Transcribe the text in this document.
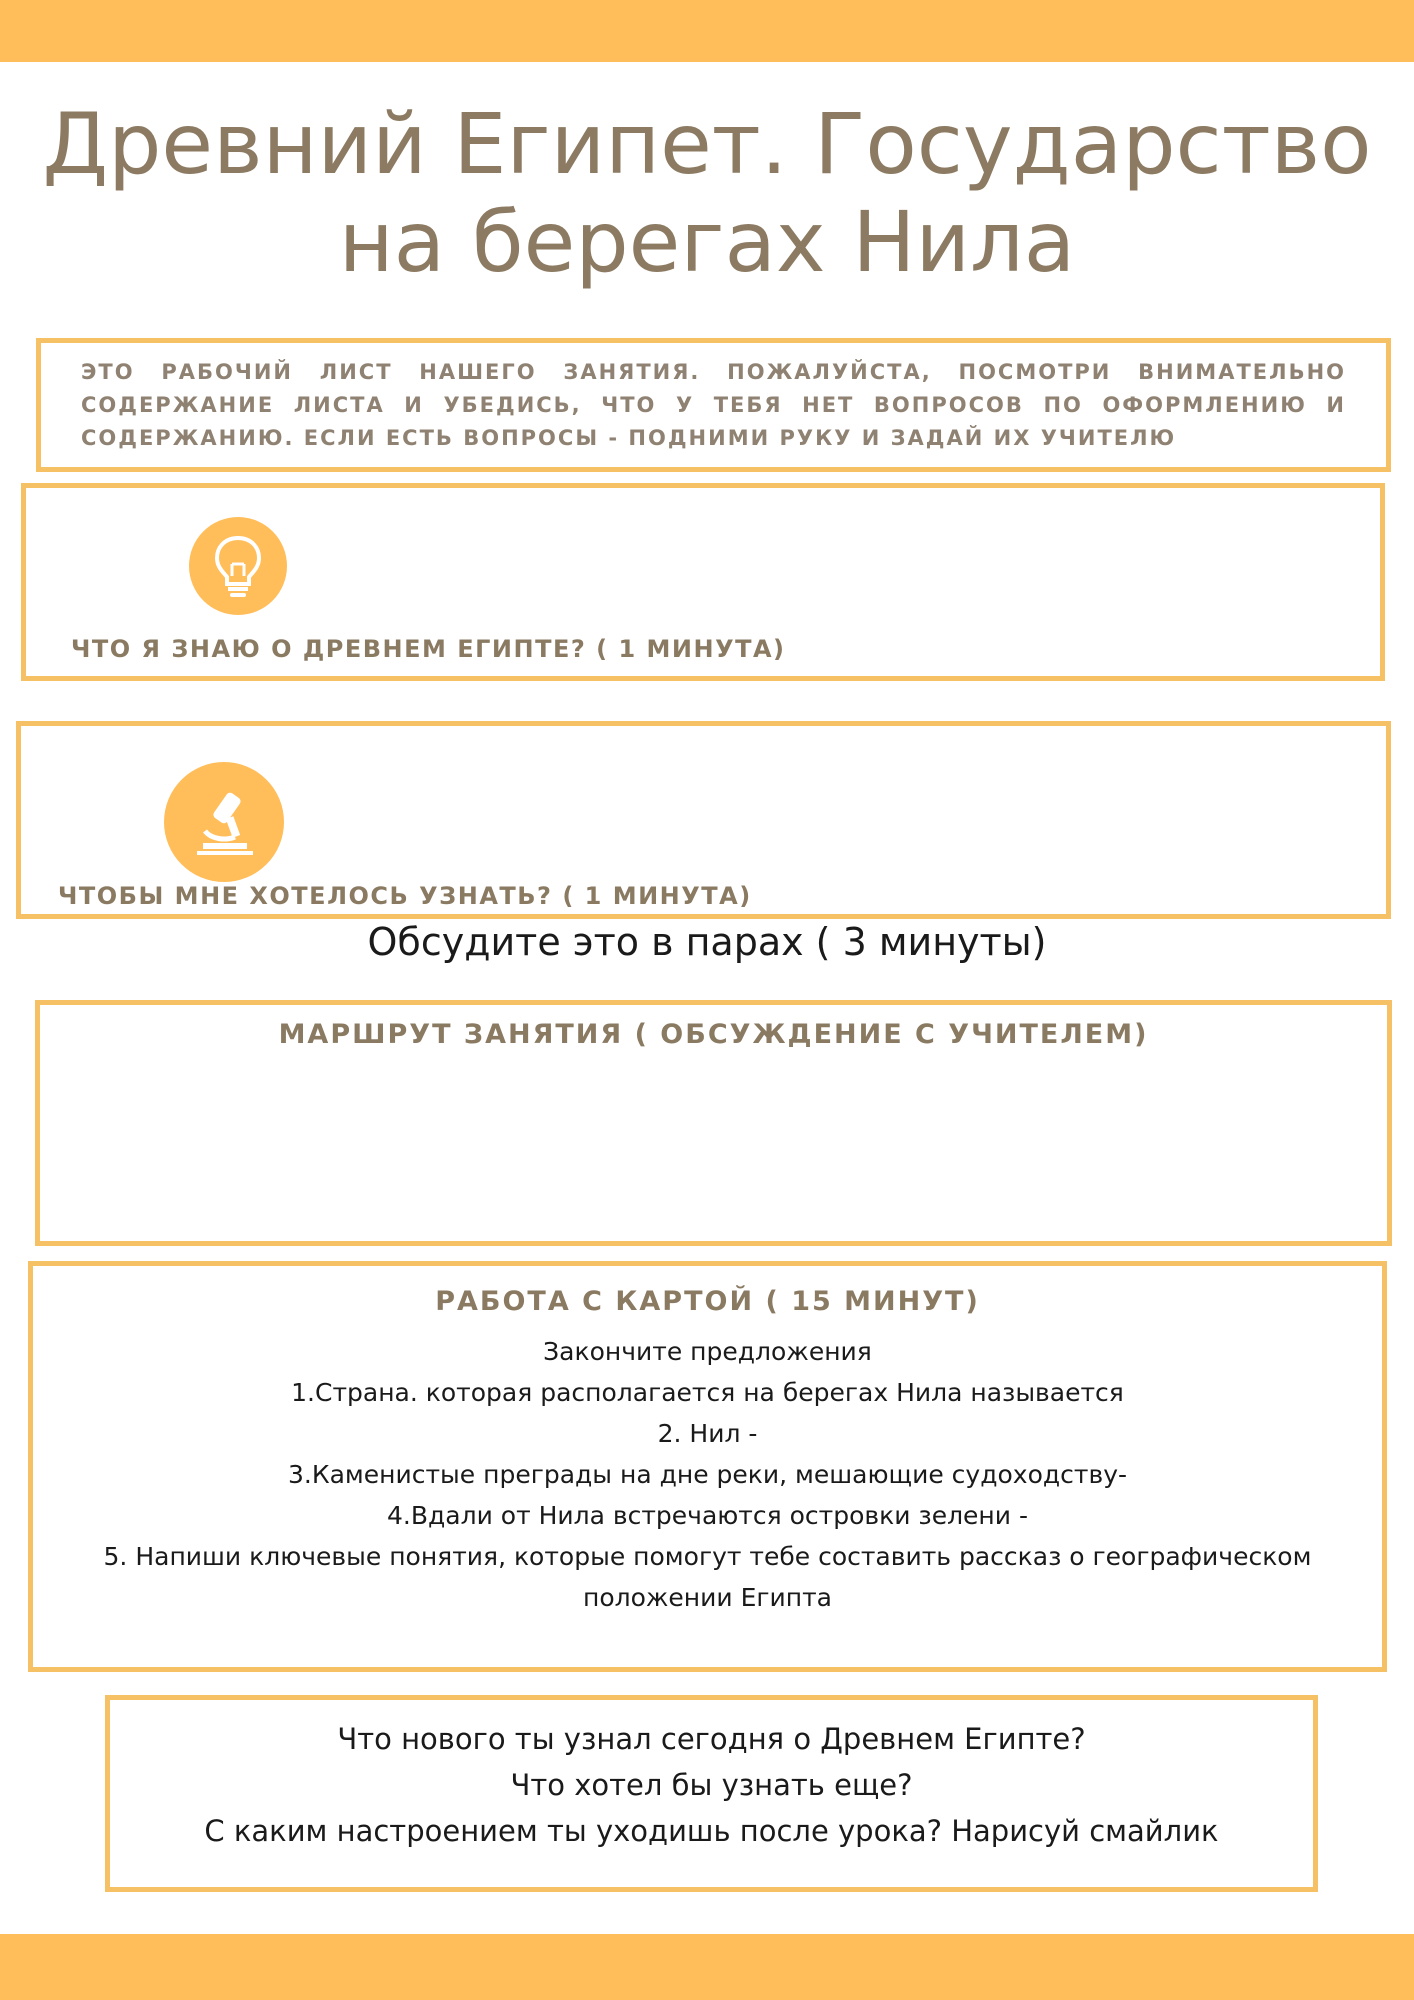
Древний Египет. Государство на берегах Нила
ЭТО РАБОЧИЙ ЛИСТ НАШЕГО ЗАНЯТИЯ. ПОЖАЛУЙСТА, ПОСМОТРИ ВНИМАТЕЛЬНО СОДЕРЖАНИЕ ЛИСТА И УБЕДИСЬ, ЧТО У ТЕБЯ НЕТ ВОПРОСОВ ПО ОФОРМЛЕНИЮ И СОДЕРЖАНИЮ. ЕСЛИ ЕСТЬ ВОПРОСЫ - ПОДНИМИ РУКУ И ЗАДАЙ ИХ УЧИТЕЛЮ
ЧТО Я ЗНАЮ О ДРЕВНЕМ ЕГИПТЕ? ( 1 МИНУТА)
ЧТОБЫ МНЕ ХОТЕЛОСЬ УЗНАТЬ? ( 1 МИНУТА)
Обсудите это в парах ( 3 минуты)
МАРШРУТ ЗАНЯТИЯ ( ОБСУЖДЕНИЕ С УЧИТЕЛЕМ)
РАБОТА С КАРТОЙ ( 15 МИНУТ)
Закончите предложения
1.Страна. которая располагается на берегах Нила называется
2. Нил -
3.Каменистые преграды на дне реки, мешающие судоходству-
4.Вдали от Нила встречаются островки зелени -
5. Напиши ключевые понятия, которые помогут тебе составить рассказ о географическом положении Египта
Что нового ты узнал сегодня о Древнем Египте?
Что хотел бы узнать еще?
С каким настроением ты уходишь после урока? Нарисуй смайлик
